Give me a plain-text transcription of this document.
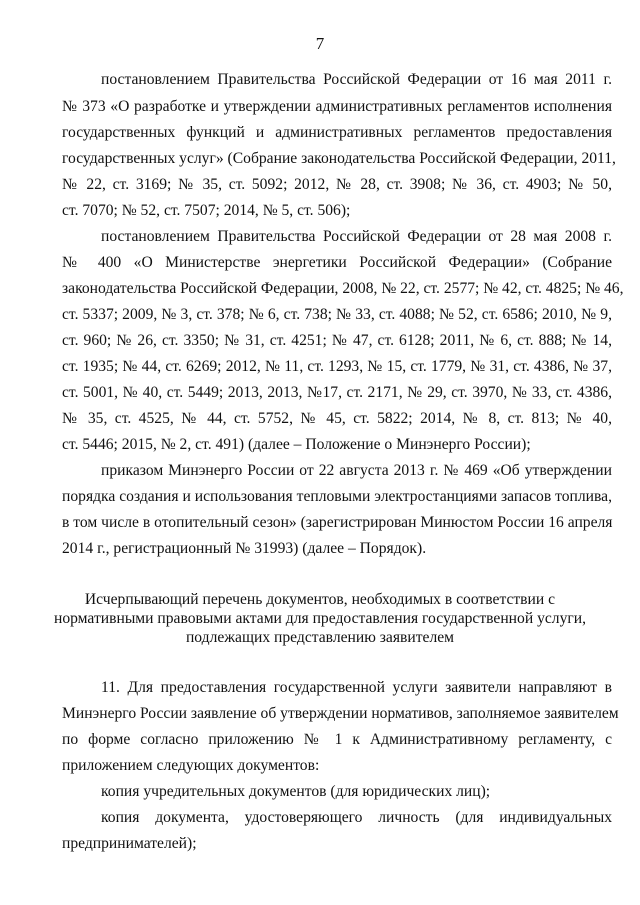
7
постановлением Правительства Российской Федерации от 16 мая 2011 г.
№ 373 «О разработке и утверждении административных регламентов исполнения
государственных функций и административных регламентов предоставления
государственных услуг» (Собрание законодательства Российской Федерации, 2011,
№ 22, ст. 3169; № 35, ст. 5092; 2012, № 28, ст. 3908; № 36, ст. 4903; № 50,
ст. 7070; № 52, ст. 7507; 2014, № 5, ст. 506);
постановлением Правительства Российской Федерации от 28 мая 2008 г.
№ 400 «О Министерстве энергетики Российской Федерации» (Собрание
законодательства Российской Федерации, 2008, № 22, ст. 2577; № 42, ст. 4825; № 46,
ст. 5337; 2009, № 3, ст. 378; № 6, ст. 738; № 33, ст. 4088; № 52, ст. 6586; 2010, № 9,
ст. 960; № 26, ст. 3350; № 31, ст. 4251; № 47, ст. 6128; 2011, № 6, ст. 888; № 14,
ст. 1935; № 44, ст. 6269; 2012, № 11, ст. 1293, № 15, ст. 1779, № 31, ст. 4386, № 37,
ст. 5001, № 40, ст. 5449; 2013, 2013, №17, ст. 2171, № 29, ст. 3970, № 33, ст. 4386,
№ 35, ст. 4525, № 44, ст. 5752, № 45, ст. 5822; 2014, № 8, ст. 813; № 40,
ст. 5446; 2015, № 2, ст. 491) (далее – Положение о Минэнерго России);
приказом Минэнерго России от 22 августа 2013 г. № 469 «Об утверждении
порядка создания и использования тепловыми электростанциями запасов топлива,
в том числе в отопительный сезон» (зарегистрирован Минюстом России 16 апреля
2014 г., регистрационный № 31993) (далее – Порядок).
Исчерпывающий перечень документов, необходимых в соответствии с
нормативными правовыми актами для предоставления государственной услуги,
подлежащих представлению заявителем
11. Для предоставления государственной услуги заявители направляют в
Минэнерго России заявление об утверждении нормативов, заполняемое заявителем
по форме согласно приложению № 1 к Административному регламенту, с
приложением следующих документов:
копия учредительных документов (для юридических лиц);
копия документа, удостоверяющего личность (для индивидуальных
предпринимателей);
